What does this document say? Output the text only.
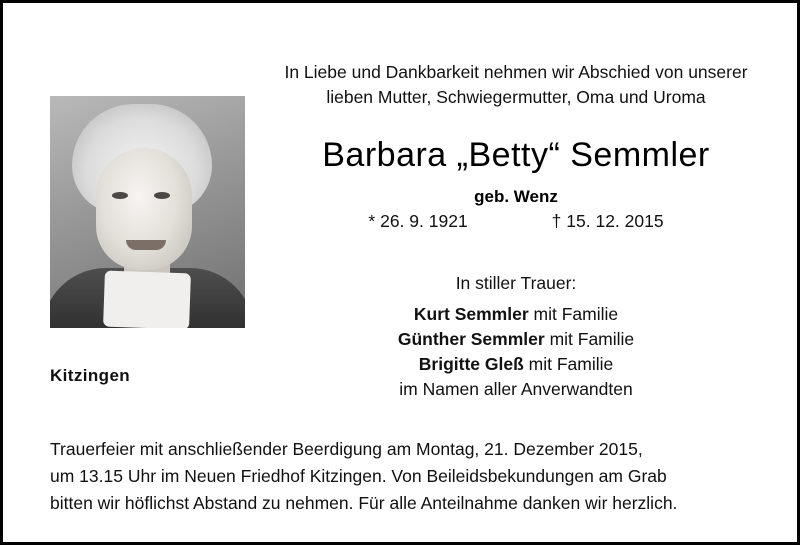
Kitzingen
In Liebe und Dankbarkeit nehmen wir Abschied von unserer
lieben Mutter, Schwiegermutter, Oma und Uroma
Barbara „Betty“ Semmler
geb. Wenz
* 26. 9. 1921	† 15. 12. 2015
In stiller Trauer:
Kurt Semmler mit Familie
Günther Semmler mit Familie
Brigitte Gleß mit Familie
im Namen aller Anverwandten
Trauerfeier mit anschließender Beerdigung am Montag, 21. Dezember 2015,
um 13.15 Uhr im Neuen Friedhof Kitzingen. Von Beileidsbekundungen am Grab
bitten wir höflichst Abstand zu nehmen. Für alle Anteilnahme danken wir herzlich.
